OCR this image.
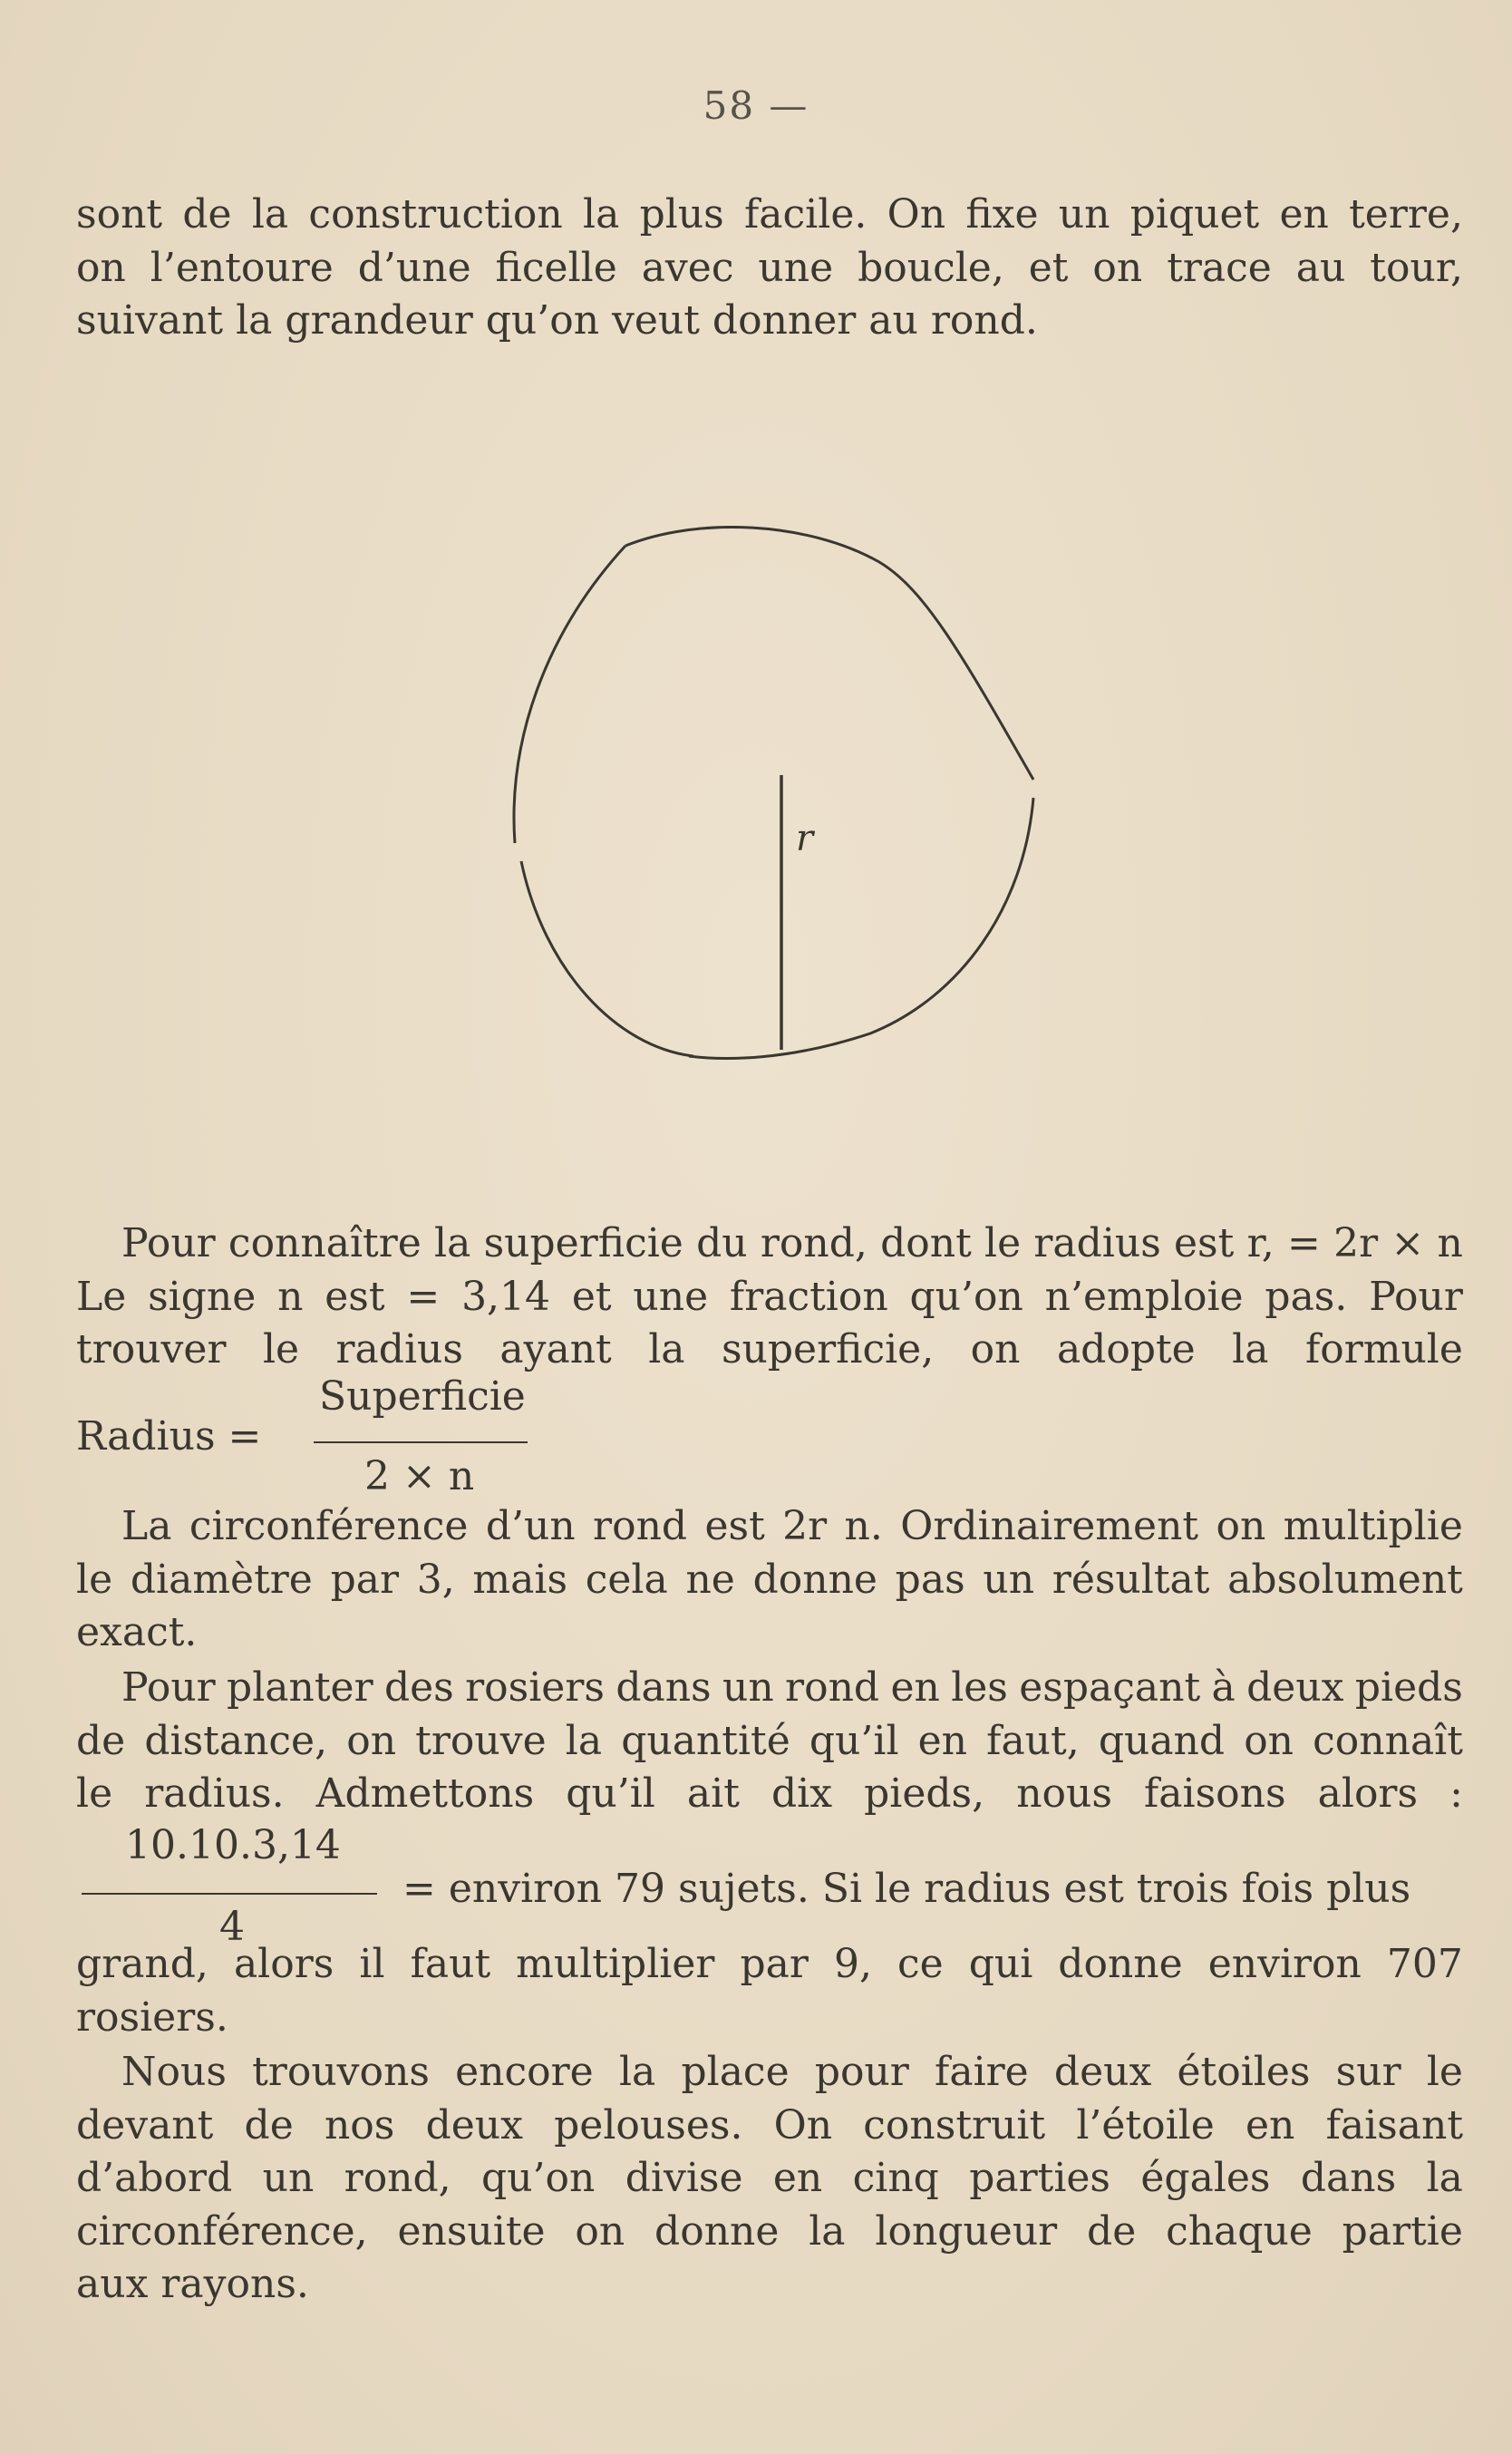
58 —
sont de la construction la plus facile. On fixe un piquet en terre,
on l’entoure d’une ficelle avec une boucle, et on trace au tour,
suivant la grandeur qu’on veut donner au rond.
r
Pour connaître la superficie du rond, dont le radius est r, = 2r × n
Le signe n est = 3,14 et une fraction qu’on n’emploie pas. Pour
trouver le radius ayant la superficie, on adopte la formule
Superficie
Radius =
2 × n
La circonférence d’un rond est 2r n. Ordinairement on multiplie
le diamètre par 3, mais cela ne donne pas un résultat absolument
exact.
Pour planter des rosiers dans un rond en les espaçant à deux pieds
de distance, on trouve la quantité qu’il en faut, quand on connaît
le radius. Admettons qu’il ait dix pieds, nous faisons alors :
10.10.3,14
4
= environ 79 sujets. Si le radius est trois fois plus
grand, alors il faut multiplier par 9, ce qui donne environ 707
rosiers.
Nous trouvons encore la place pour faire deux étoiles sur le
devant de nos deux pelouses. On construit l’étoile en faisant
d’abord un rond, qu’on divise en cinq parties égales dans la
circonférence, ensuite on donne la longueur de chaque partie
aux rayons.
